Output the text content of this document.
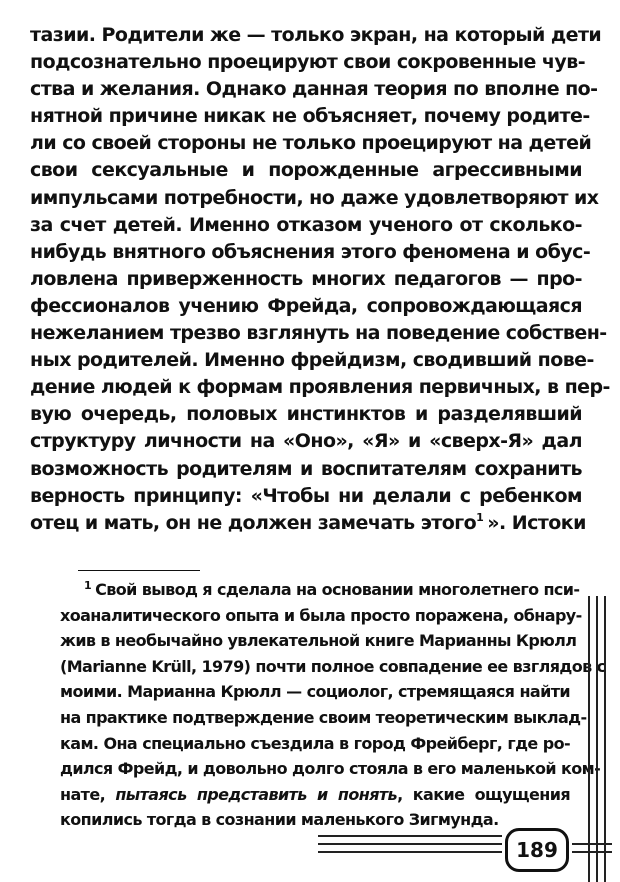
тазии. Родители же — только экран, на который дети
подсознательно проецируют свои сокровенные чув-
ства и желания. Однако данная теория по вполне по-
нятной причине никак не объясняет, почему родите-
ли со своей стороны не только проецируют на детей
свои сексуальные и порожденные агрессивными
импульсами потребности, но даже удовлетворяют их
за счет детей. Именно отказом ученого от сколько-
нибудь внятного объяснения этого феномена и обус-
ловлена приверженность многих педагогов — про-
фессионалов учению Фрейда, сопровождающаяся
нежеланием трезво взглянуть на поведение собствен-
ных родителей. Именно фрейдизм, сводивший пове-
дение людей к формам проявления первичных, в пер-
вую очередь, половых инстинктов и разделявший
структуру личности на «Оно», «Я» и «сверх-Я» дал
возможность родителям и воспитателям сохранить
верность принципу: «Чтобы ни делали с ребенком
отец и мать, он не должен замечать этого$^1$ ». Истоки
$^1$ Свой вывод я сделала на основании многолетнего пси-
хоаналитического опыта и была просто поражена, обнару-
жив в необычайно увлекательной книге Марианны Крюлл
(Marianne Krüll, 1979) почти полное совпадение ее взглядов с
моими. Марианна Крюлл — социолог, стремящаяся найти
на практике подтверждение своим теоретическим выклад-
кам. Она специально съездила в город Фрейберг, где ро-
дился Фрейд, и довольно долго стояла в его маленькой ком-
нате, пытаясь представить и понять, какие ощущения
копились тогда в сознании маленького Зигмунда.
189
